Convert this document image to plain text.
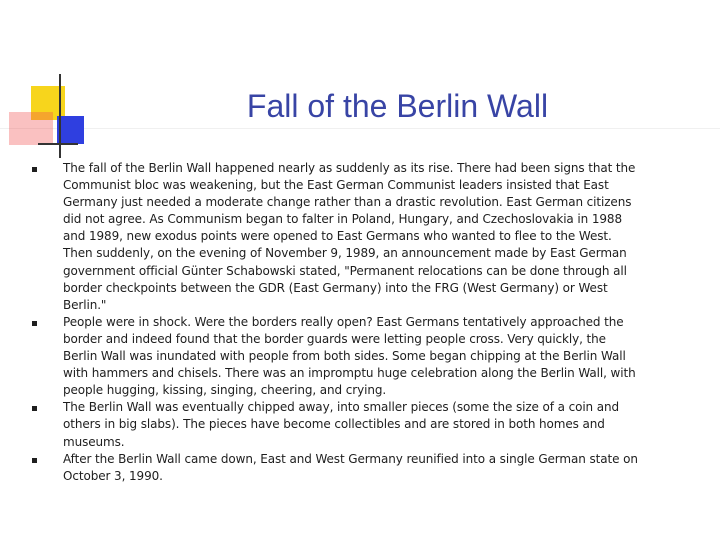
Fall of the Berlin Wall
The fall of the Berlin Wall happened nearly as suddenly as its rise. There had been signs that the Communist bloc was weakening, but the East German Communist leaders insisted that East Germany just needed a moderate change rather than a drastic revolution. East German citizens did not agree. As Communism began to falter in Poland, Hungary, and Czechoslovakia in 1988 and 1989, new exodus points were opened to East Germans who wanted to flee to the West. Then suddenly, on the evening of November 9, 1989, an announcement made by East German government official Günter Schabowski stated, "Permanent relocations can be done through all border checkpoints between the GDR (East Germany) into the FRG (West Germany) or West Berlin."
People were in shock. Were the borders really open? East Germans tentatively approached the border and indeed found that the border guards were letting people cross. Very quickly, the Berlin Wall was inundated with people from both sides. Some began chipping at the Berlin Wall with hammers and chisels. There was an impromptu huge celebration along the Berlin Wall, with people hugging, kissing, singing, cheering, and crying.
The Berlin Wall was eventually chipped away, into smaller pieces (some the size of a coin and others in big slabs). The pieces have become collectibles and are stored in both homes and museums.
After the Berlin Wall came down, East and West Germany reunified into a single German state on October 3, 1990.
